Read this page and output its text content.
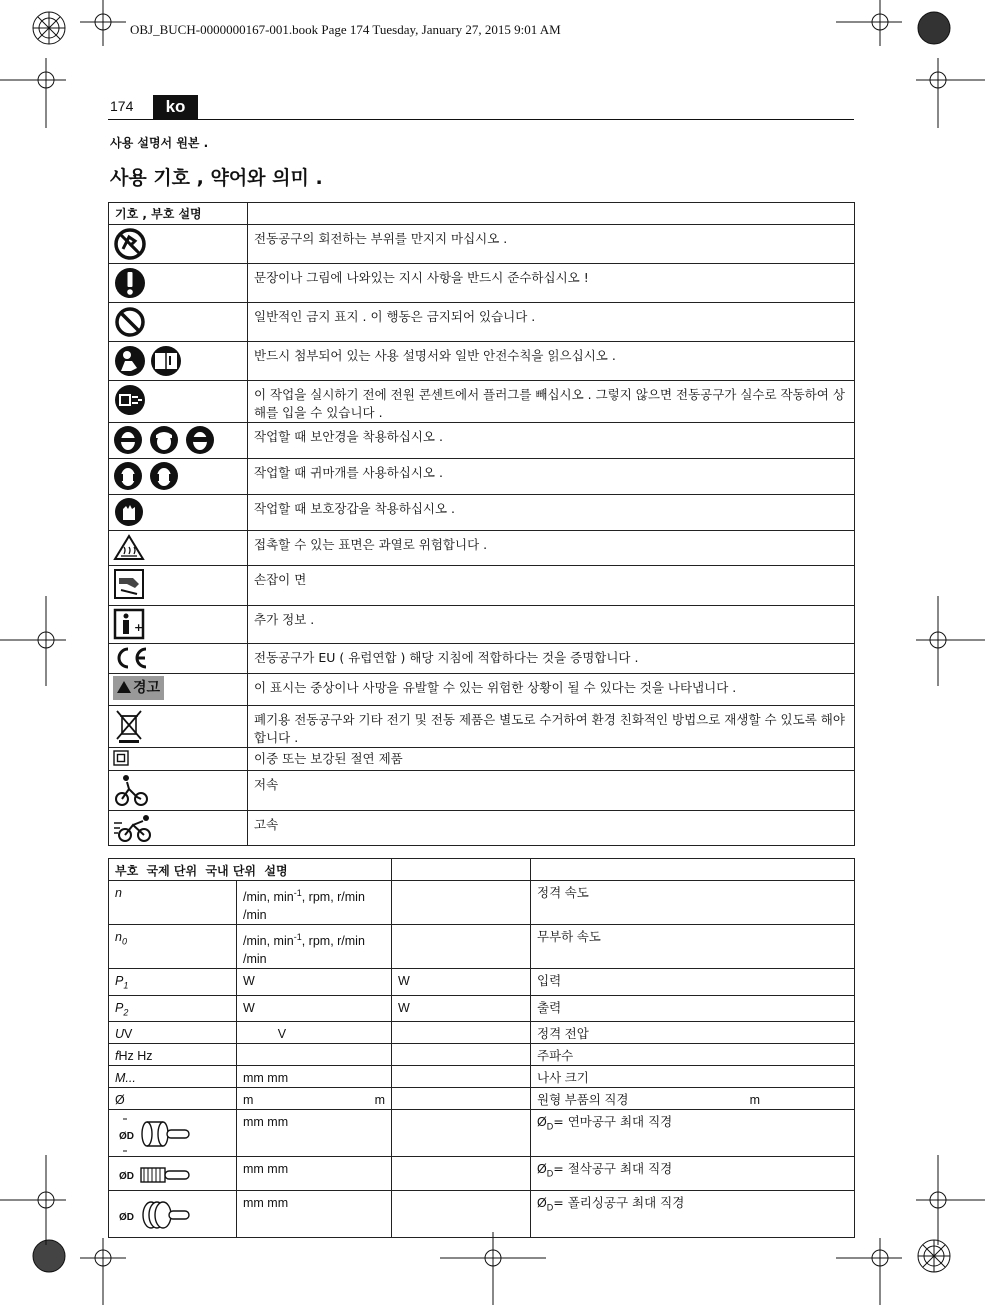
OBJ_BUCH-0000000167-001.book Page 174 Tuesday, January 27, 2015 9:01 AM
174	ko
사용 설명서 원본 .
사용 기호 , 약어와 의미 .
기호 , 부호 설명	

	전동공구의 회전하는 부위를 만지지 마십시오 .

	문장이나 그림에 나와있는 지시 사항을 반드시 준수하십시오 !

	일반적인 금지 표지 . 이 행동은 금지되어 있습니다 .

	반드시 첨부되어 있는 사용 설명서와 일반 안전수칙을 읽으십시오 .

	이 작업을 실시하기 전에 전원 콘센트에서 플러그를 빼십시오 . 그렇지 않으면 전동공구가 실수로 작동하여 상해를 입을 수 있습니다 .

	작업할 때 보안경을 착용하십시오 .

	작업할 때 귀마개를 사용하십시오 .

	작업할 때 보호장갑을 착용하십시오 .

	접촉할 수 있는 표면은 과열로 위험합니다 .

	손잡이 면

+	추가 정보 .

	전동공구가 EU ( 유럽연합 ) 해당 지침에 적합하다는 것을 증명합니다 .
경고	이 표시는 중상이나 사망을 유발할 수 있는 위험한 상황이 될 수 있다는 것을 나타냅니다 .

	폐기용 전동공구와 기타 전기 및 전동 제품은 별도로 수거하여 환경 친화적인 방법으로 재생할 수 있도록 해야 합니다 .

	이중 또는 보강된 절연 제품

	저속

	고속
부호 국제 단위 국내 단위 설명			
n	/min, $\min^{-1}$, rpm, r/min /min		정격 속도
$n_0$	/min, $\min^{-1}$, rpm, r/min /min		무부하 속도
$P_1$	W	W	입력
$P_2$	W	W	출력
UV	V		정격 전압
fHz Hz			주파수
M...	mm mm		나사 크기
Ø	m m		원형 부품의 직경 m

ØD	mm mm		$Ø_D=$ 연마공구 최대 직경

ØD	mm mm		$Ø_D=$ 절삭공구 최대 직경

ØD	mm mm		$Ø_D=$ 폴리싱공구 최대 직경
